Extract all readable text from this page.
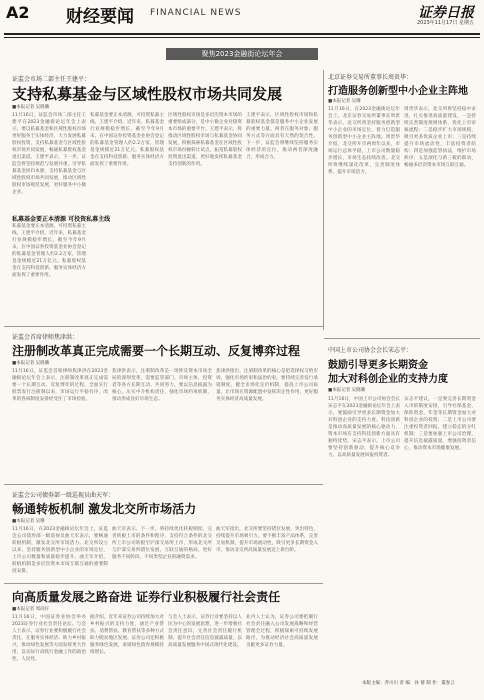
A2 财经要闻 FINANCIAL NEWS	证券日报
2023年11月17日 星期五
聚焦2023金融街论坛年会
证监会市场二部主任王建平：
支持私募基金与区域性股权市场共同发展
■本报记者 吴晓璐
11月16日，证监会市场二部主任王建平在2023金融街论坛年会上表示，要以私募基金和区域性股权市场更好服务于实体经济，大力发展私募股权投资，支持私募基金与区域性股权市场共同发展，畅通私募股权基金退出渠道。王建平表示，下一步，证监会将坚持规范与发展并重，引导私募基金回归本源，支持私募基金与区域性股权市场共同发展，推动区域性股权市场规范发展，更好服务中小微企业。
私募基金要正本清源 可投资私募主线
私募基金要正本清源，可投资私募主线。王建平介绍，近年来，私募基金行业规模稳步增长，截至今年9月末，在中国证券投资基金业协会登记的私募基金管理人约2.2万家，管理基金规模近21万亿元。私募股权基金在支持科技创新、服务实体经济方面发挥了重要作用。
私募基金要正本清源，可投资私募主线。王建平介绍，近年来，私募基金行业规模稳步增长，截至今年9月末，在中国证券投资基金业协会登记的私募基金管理人约2.2万家，管理基金规模近21万亿元。私募股权基金在支持科技创新、服务实体经济方面发挥了重要作用。
区域性股权市场是多层次资本市场的重要组成部分，是中小微企业对接资本市场的重要平台。王建平表示，将推动区域性股权市场与私募基金协同发展，积极探索私募基金在区域性股权市场份额转让试点，拓宽私募股权投资退出渠道，更好地发挥私募基金支持创新的作用。
王建平表示，区域性股权市场和私募股权基金都是服务中小企业发展的重要力量。两者在服务对象、服务方式等方面具有天然的契合性。下一步，证监会将继续坚持服务实体经济的定位，推动两者深度融合，形成合力。
北京证券交易所董事长周贵华：
打造服务创新型中小企业主阵地
■本报记者 吴珊
11月16日，在2023金融街论坛年会上，北京证券交易所董事长周贵华表示，北交所将坚持服务创新型中小企业的市场定位，着力打造服务创新型中小企业主阵地。周贵华介绍，北交所开市两周年以来，市场运行总体平稳，上市公司数量稳步增长，市场生态持续改善。北交所将继续深化改革，完善制度体系，提升市场活力。
周贵华表示，北交所将坚持稳中求进，扎实推进高质量建设。一是持续完善制度规则体系，优化上市审核流程；二是稳步扩大市场规模，吸引更多优质企业上市；三是持续提升市场流动性，丰富投资者结构；四是加强监管执法，维护市场秩序；五是深化与新三板的联动，畅通多层次资本市场互联互通。
证监会首席律师焦津洪：
注册制改革真正完成需要一个长期互动、反复博弈过程
■本报记者 吴晓璐
11月16日，证监会首席律师焦津洪在2023金融街论坛年会上表示，注册制改革真正完成需要一个长期互动、反复博弈的过程。全面实行股票发行注册制以来，市场运行平稳有序，改革的各项制度安排经受住了市场检验。
焦津洪表示，注册制改革是一场涉及资本市场全局的深刻变革，需要监管部门、市场主体、投资者等各方长期互动、共同努力。要以信息披露为核心，压实中介机构责任，强化市场约束机制，推动形成良好市场生态。
焦津洪指出，注册制改革的核心是把选择权交给市场，强化市场约束和法治约束。要持续完善发行承销制度，健全市场化定价机制，提高上市公司质量，让市场在资源配置中发挥决定性作用，更好服务实体经济高质量发展。
中国上市公司协会会长宋志平：
鼓励引导更多长期资金
加大对科创企业的支持力度
■本报记者 吴晓璐
11月16日，中国上市公司协会会长宋志平在2023金融街论坛年会上表示，要鼓励引导更多长期资金加大对科创企业的支持力度。科技创新是推动高质量发展的核心驱动力，资本市场在支持科技创新方面具有独特优势。宋志平表示，上市公司要坚持创新驱动，提升核心竞争力，以高质量发展回报投资者。
宋志平建议，一是要完善长期资金入市的制度安排，引导社保基金、保险资金、年金等长期资金加大对科创企业的投资；二是上市公司要注重投资者回报，建立稳定的分红机制；三是要加强上市公司治理，提升信息披露质量，增强投资者信心，推动资本市场健康发展。
证监会公司债券部一级巡视员曲天军：
畅通转板机制 激发北交所市场活力
■本报记者 吴珊
11月16日，在2023金融街论坛年会上，证监会公司债券部一级巡视员曲天军表示，要畅通转板机制，激发北交所市场活力。北交所设立以来，坚持服务创新型中小企业的市场定位，上市公司数量和质量稳步提升。曲天军介绍，转板机制是多层次资本市场互联互通的重要制度安排。
曲天军表示，下一步，将持续优化转板制度，完善转板上市的条件和程序，支持符合条件的北交所上市公司转板至沪深交易所上市，形成北交所与沪深交易所错位发展、互联互通的格局，更好服务不同阶段、不同类型企业的融资需求。
曲天军指出，北交所要坚持错位发展，突出特色，持续提升市场吸引力。要不断丰富产品体系，完善交易机制，提升市场流动性，吸引更多长期资金入市，推动北交所高质量发展迈上新台阶。
向高质量发展之路奋进 证券行业积极履行社会责任
■本报记者 周尚仔
11月16日，中国证券业协会举办2023证券行业社会责任论坛。与会人士表示，证券行业要积极履行社会责任，在服务实体经济、助力乡村振兴、推动绿色发展等方面发挥更大作用，以实际行动践行金融工作的政治性、人民性。
据介绍，近年来证券公司持续加大对乡村振兴的支持力度，通过产业帮扶、消费帮扶、教育帮扶等多种方式助力脱贫地区发展。证券公司还积极服务绿色发展，承销绿色债券规模持续增长。
与会人士表示，证券行业要坚持以人民为中心的发展思想，进一步增强社会责任意识，完善社会责任履行机制，提升社会责任信息披露质量，以高质量发展服务中国式现代化建设。
业内人士认为，证券公司要把履行社会责任融入公司发展战略和经营管理全过程，积极探索可持续发展路径，为推动经济社会高质量发展贡献更多证券力量。
本版主编：乔川川 责 编：孙 倩 制 作：董春云
